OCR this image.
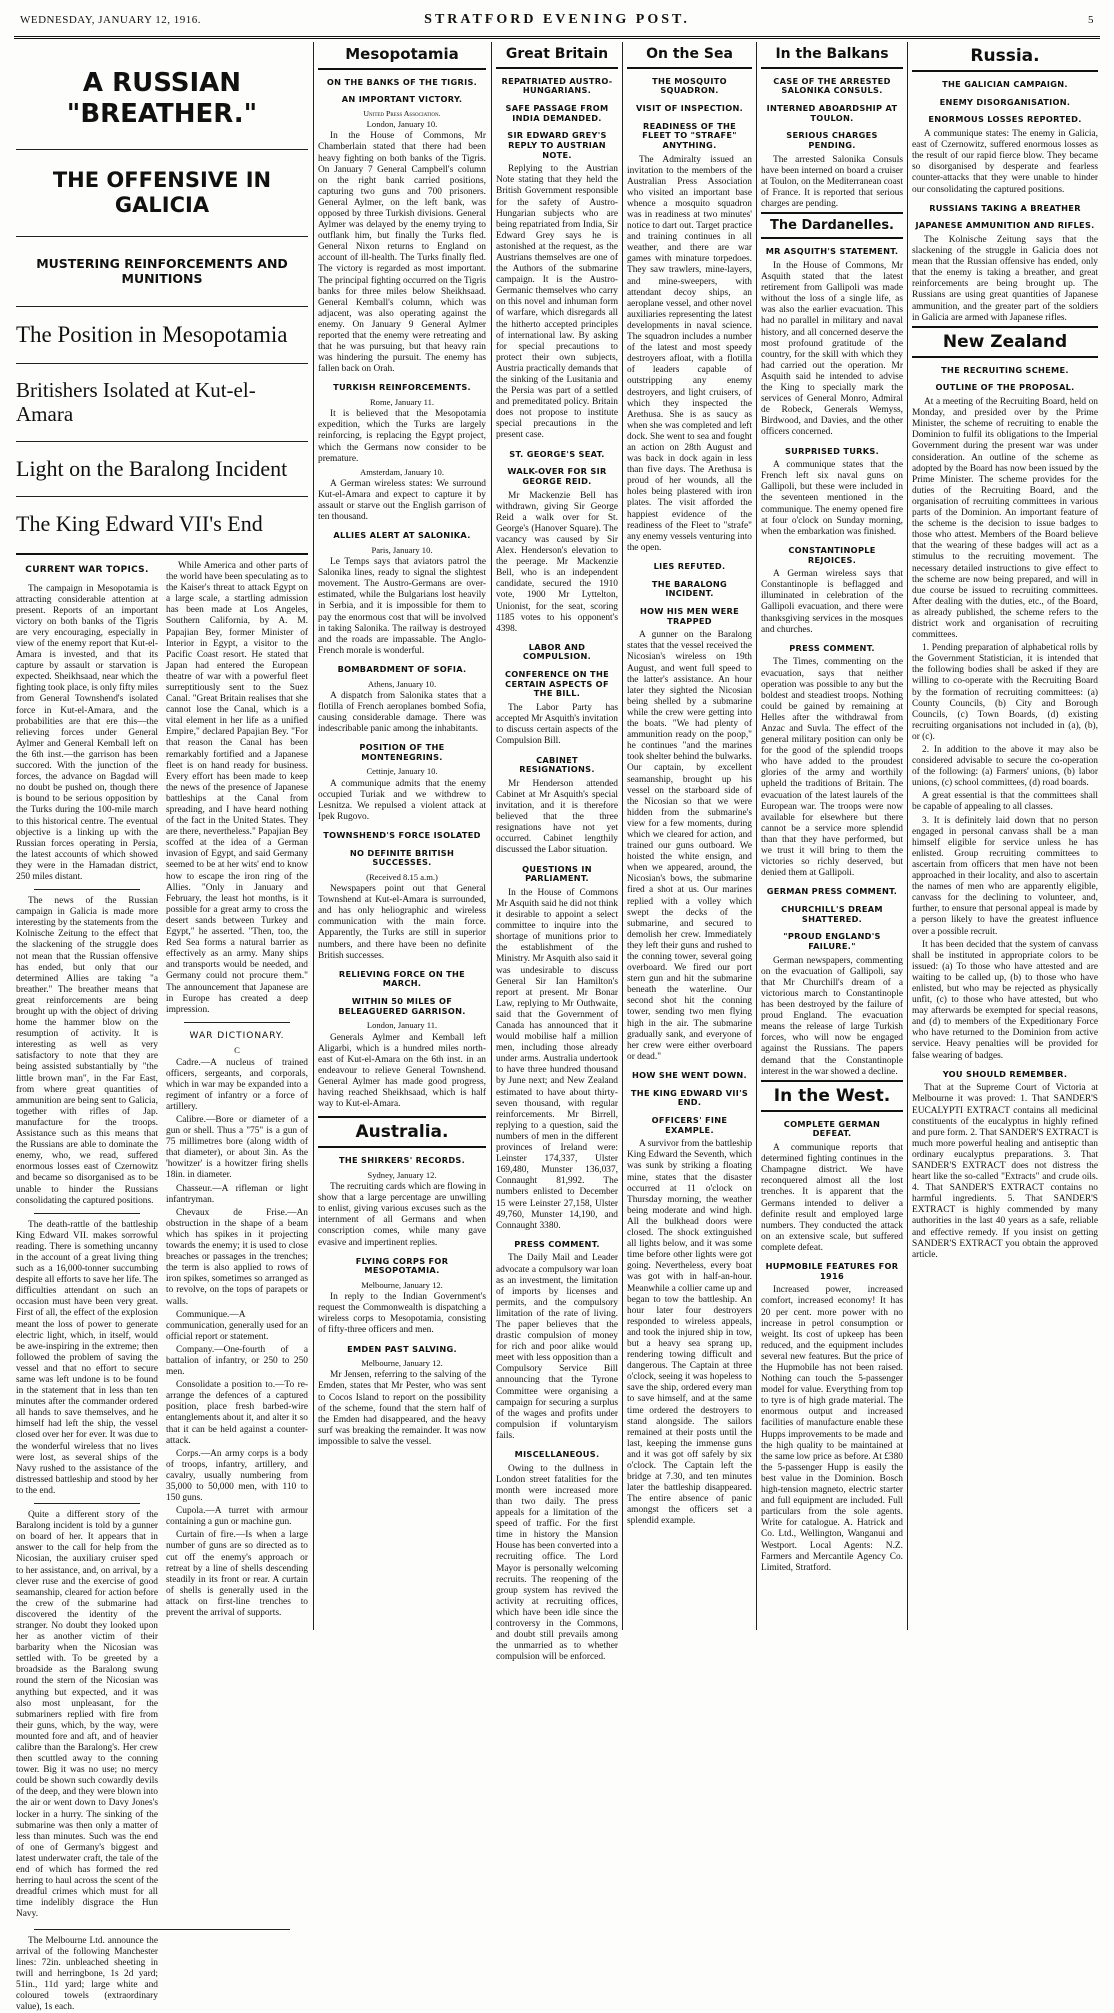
WEDNESDAY, JANUARY 12, 1916.	STRATFORD EVENING POST.	5
A RUSSIAN "BREATHER."
THE OFFENSIVE IN GALICIA
MUSTERING REINFORCEMENTS AND MUNITIONS
The Position in Mesopotamia
Britishers Isolated at Kut-el-Amara
Light on the Baralong Incident
The King Edward VII's End
CURRENT WAR TOPICS.

The campaign in Mesopotamia is attracting considerable attention at present. Reports of an important victory on both banks of the Tigris are very encouraging, especially in view of the enemy report that Kut-el-Amara is invested, and that its capture by assault or starvation is expected. Sheikhsaad, near which the fighting took place, is only fifty miles from General Townshend's isolated force in Kut-el-Amara, and the probabilities are that ere this—the relieving forces under General Aylmer and General Kemball left on the 6th inst.—the garrison has been succored. With the junction of the forces, the advance on Bagdad will no doubt be pushed on, though there is bound to be serious opposition by the Turks during the 100-mile march to this historical centre. The eventual objective is a linking up with the Russian forces operating in Persia, the latest accounts of which showed they were in the Hamadan district, 250 miles distant.

The news of the Russian campaign in Galicia is made more interesting by the statements from the Kolnische Zeitung to the effect that the slackening of the struggle does not mean that the Russian offensive has ended, but only that our determined Allies are taking "a breather." The breather means that great reinforcements are being brought up with the object of driving home the hammer blow on the resumption of activity. It is interesting as well as very satisfactory to note that they are being assisted substantially by "the little brown man", in the Far East, from where great quantities of ammunition are being sent to Galicia, together with rifles of Jap. manufacture for the troops. Assistance such as this means that the Russians are able to dominate the enemy, who, we read, suffered enormous losses east of Czernowitz and became so disorganised as to be unable to hinder the Russians consolidating the captured positions.

The death-rattle of the battleship King Edward VII. makes sorrowful reading. There is something uncanny in the account of a great living thing such as a 16,000-tonner succumbing despite all efforts to save her life. The difficulties attendant on such an occasion must have been very great. First of all, the effect of the explosion meant the loss of power to generate electric light, which, in itself, would be awe-inspiring in the extreme; then followed the problem of saving the vessel and that no effort to secure same was left undone is to be found in the statement that in less than ten minutes after the commander ordered all hands to save themselves, and he himself had left the ship, the vessel closed over her for ever. It was due to the wonderful wireless that no lives were lost, as several ships of the Navy rushed to the assistance of the distressed battleship and stood by her to the end.

Quite a different story of the Baralong incident is told by a gunner on board of her. It appears that in answer to the call for help from the Nicosian, the auxiliary cruiser sped to her assistance, and, on arrival, by a clever ruse and the exercise of good seamanship, cleared for action before the crew of the submarine had discovered the identity of the stranger. No doubt they looked upon her as another victim of their barbarity when the Nicosian was settled with. To be greeted by a broadside as the Baralong swung round the stern of the Nicosian was anything but expected, and it was also most unpleasant, for the submariners replied with fire from their guns, which, by the way, were mounted fore and aft, and of heavier calibre than the Baralong's. Her crew then scuttled away to the conning tower. Big it was no use; no mercy could be shown such cowardly devils of the deep, and they were blown into the air or went down to Davy Jones's locker in a hurry. The sinking of the submarine was then only a matter of less than minutes. Such was the end of one of Germany's biggest and latest underwater craft, the tale of the end of which has formed the red herring to haul across the scent of the dreadful crimes which must for all time indelibly disgrace the Hun Navy.

While America and other parts of the world have been speculating as to the Kaiser's threat to attack Egypt on a large scale, a startling admission has been made at Los Angeles, Southern California, by A. M. Papajian Bey, former Minister of Interior in Egypt, a visitor to the Pacific Coast resort. He stated that Japan had entered the European theatre of war with a powerful fleet surreptitiously sent to the Suez Canal. "Great Britain realises that she cannot lose the Canal, which is a vital element in her life as a unified Empire," declared Papajian Bey. "For that reason the Canal has been remarkably fortified and a Japanese fleet is on hand ready for business. Every effort has been made to keep the news of the presence of Japanese battleships at the Canal from spreading, and I have heard nothing of the fact in the United States. They are there, nevertheless." Papajian Bey scoffed at the idea of a German invasion of Egypt, and said Germany seemed to be at her wits' end to know how to escape the iron ring of the Allies. "Only in January and February, the least hot months, is it possible for a great army to cross the desert sands between Turkey and Egypt," he asserted. "Then, too, the Red Sea forms a natural barrier as effectively as an army. Many ships and transports would be needed, and Germany could not procure them." The announcement that Japanese are in Europe has created a deep impression.

WAR DICTIONARY.
C

Cadre.—A nucleus of trained officers, sergeants, and corporals, which in war may be expanded into a regiment of infantry or a force of artillery.

Calibre.—Bore or diameter of a gun or shell. Thus a "75" is a gun of 75 millimetres bore (along width of that diameter), or about 3in. As the 'howitzer' is a howitzer firing shells 18in. in diameter.

Chasseur.—A rifleman or light infantryman.

Chevaux de Frise.—An obstruction in the shape of a beam which has spikes in it projecting towards the enemy; it is used to close breaches or passages in the trenches; the term is also applied to rows of iron spikes, sometimes so arranged as to revolve, on the tops of parapets or walls.

Communique.—A communication, generally used for an official report or statement.

Company.—One-fourth of a battalion of infantry, or 250 to 250 men.

Consolidate a position to.—To re-arrange the defences of a captured position, place fresh barbed-wire entanglements about it, and alter it so that it can be held against a counter-attack.

Corps.—An army corps is a body of troops, infantry, artillery, and cavalry, usually numbering from 35,000 to 50,000 men, with 110 to 150 guns.

Cupola.—A turret with armour containing a gun or machine gun.

Curtain of fire.—Is when a large number of guns are so directed as to cut off the enemy's approach or retreat by a line of shells descending steadily in its front or rear. A curtain of shells is generally used in the attack on first-line trenches to prevent the arrival of supports.

The Melbourne Ltd. announce the arrival of the following Manchester lines: 72in. unbleached sheeting in twill and herringbone, 1s 2d yard; 51in., 11d yard; large white and coloured towels (extraordinary value), 1s each.

Mesopotamia
ON THE BANKS OF THE TIGRIS.
AN IMPORTANT VICTORY.
United Press Association.
London, January 10.

In the House of Commons, Mr Chamberlain stated that there had been heavy fighting on both banks of the Tigris. On January 7 General Campbell's column on the right bank carried positions, capturing two guns and 700 prisoners. General Aylmer, on the left bank, was opposed by three Turkish divisions. General Aylmer was delayed by the enemy trying to outflank him, but finally the Turks fled. General Nixon returns to England on account of ill-health. The Turks finally fled. The victory is regarded as most important. The principal fighting occurred on the Tigris banks for three miles below Sheikhsaad. General Kemball's column, which was adjacent, was also operating against the enemy. On January 9 General Aylmer reported that the enemy were retreating and that he was pursuing, but that heavy rain was hindering the pursuit. The enemy has fallen back on Orah.

TURKISH REINFORCEMENTS.
Rome, January 11.

It is believed that the Mesopotamia expedition, which the Turks are largely reinforcing, is replacing the Egypt project, which the Germans now consider to be premature.

Amsterdam, January 10.

A German wireless states: We surround Kut-el-Amara and expect to capture it by assault or starve out the English garrison of ten thousand.

ALLIES ALERT AT SALONIKA.
Paris, January 10.

Le Temps says that aviators patrol the Salonika lines, ready to signal the slightest movement. The Austro-Germans are over-estimated, while the Bulgarians lost heavily in Serbia, and it is impossible for them to pay the enormous cost that will be involved in taking Salonika. The railway is destroyed and the roads are impassable. The Anglo-French morale is wonderful.

BOMBARDMENT OF SOFIA.
Athens, January 10.

A dispatch from Salonika states that a flotilla of French aeroplanes bombed Sofia, causing considerable damage. There was indescribable panic among the inhabitants.

POSITION OF THE MONTENEGRINS.
Cettinje, January 10.

A communique admits that the enemy occupied Turiak and we withdrew to Lesnitza. We repulsed a violent attack at Ipek Rugovo.

TOWNSHEND'S FORCE ISOLATED
NO DEFINITE BRITISH SUCCESSES.
(Received 8.15 a.m.)

Newspapers point out that General Townshend at Kut-el-Amara is surrounded, and has only heliographic and wireless communication with the main force. Apparently, the Turks are still in superior numbers, and there have been no definite British successes.

RELIEVING FORCE ON THE MARCH.
WITHIN 50 MILES OF BELEAGUERED GARRISON.
London, January 11.

Generals Aylmer and Kemball left Aligarbi, which is a hundred miles north-east of Kut-el-Amara on the 6th inst. in an endeavour to relieve General Townshend. General Aylmer has made good progress, having reached Sheikhsaad, which is half way to Kut-el-Amara.

Australia.
THE SHIRKERS' RECORDS.
Sydney, January 12.

The recruiting cards which are flowing in show that a large percentage are unwilling to enlist, giving various excuses such as the internment of all Germans and when conscription comes, while many gave evasive and impertinent replies.

FLYING CORPS FOR MESOPOTAMIA.
Melbourne, January 12.

In reply to the Indian Government's request the Commonwealth is dispatching a wireless corps to Mesopotamia, consisting of fifty-three officers and men.

EMDEN PAST SALVING.
Melbourne, January 12.

Mr Jensen, referring to the salving of the Emden, states that Mr Pester, who was sent to Cocos Island to report on the possibility of the scheme, found that the stern half of the Emden had disappeared, and the heavy surf was breaking the remainder. It was now impossible to salve the vessel.

Great Britain
REPATRIATED AUSTRO-HUNGARIANS.
SAFE PASSAGE FROM INDIA DEMANDED.
SIR EDWARD GREY'S REPLY TO AUSTRIAN NOTE.

Replying to the Austrian Note stating that they held the British Government responsible for the safety of Austro-Hungarian subjects who are being repatriated from India, Sir Edward Grey says he is astonished at the request, as the Austrians themselves are one of the Authors of the submarine campaign. It is the Austro-Germanic themselves who carry on this novel and inhuman form of warfare, which disregards all the hitherto accepted principles of international law. By asking for special precautions to protect their own subjects, Austria practically demands that the sinking of the Lusitania and the Persia was part of a settled and premeditated policy. Britain does not propose to institute special precautions in the present case.

ST. GEORGE'S SEAT.
WALK-OVER FOR SIR GEORGE REID.

Mr Mackenzie Bell has withdrawn, giving Sir George Reid a walk over for St. George's (Hanover Square). The vacancy was caused by Sir Alex. Henderson's elevation to the peerage. Mr Mackenzie Bell, who is an independent candidate, secured the 1910 vote, 1900 Mr Lyttelton, Unionist, for the seat, scoring 1185 votes to his opponent's 4398.

LABOR AND COMPULSION.
CONFERENCE ON THE CERTAIN ASPECTS OF THE BILL.

The Labor Party has accepted Mr Asquith's invitation to discuss certain aspects of the Compulsion Bill.

CABINET RESIGNATIONS.

Mr Henderson attended Cabinet at Mr Asquith's special invitation, and it is therefore believed that the three resignations have not yet occurred. Cabinet lengthily discussed the Labor situation.

QUESTIONS IN PARLIAMENT.

In the House of Commons Mr Asquith said he did not think it desirable to appoint a select committee to inquire into the shortage of munitions prior to the establishment of the Ministry. Mr Asquith also said it was undesirable to discuss General Sir Ian Hamilton's report at present. Mr Bonar Law, replying to Mr Outhwaite, said that the Government of Canada has announced that it would mobilise half a million men, including those already under arms. Australia undertook to have three hundred thousand by June next; and New Zealand estimated to have about thirty-seven thousand, with regular reinforcements. Mr Birrell, replying to a question, said the numbers of men in the different provinces of Ireland were: Leinster 174,337, Ulster 169,480, Munster 136,037, Connaught 81,992. The numbers enlisted to December 15 were Leinster 27,158, Ulster 49,760, Munster 14,190, and Connaught 3380.

PRESS COMMENT.

The Daily Mail and Leader advocate a compulsory war loan as an investment, the limitation of imports by licenses and permits, and the compulsory limitation of the rate of living. The paper believes that the drastic compulsion of money for rich and poor alike would meet with less opposition than a Compulsory Service Bill announcing that the Tyrone Committee were organising a campaign for securing a surplus of the wages and profits under compulsion if voluntaryism fails.

MISCELLANEOUS.

Owing to the dullness in London street fatalities for the month were increased more than two daily. The press appeals for a limitation of the speed of traffic. For the first time in history the Mansion House has been converted into a recruiting office. The Lord Mayor is personally welcoming recruits. The reopening of the group system has revived the activity at recruiting offices, which have been idle since the controversy in the Commons, and doubt still prevails among the unmarried as to whether compulsion will be enforced.

On the Sea
THE MOSQUITO SQUADRON.
VISIT OF INSPECTION.
READINESS OF THE FLEET TO "STRAFE" ANYTHING.

The Admiralty issued an invitation to the members of the Australian Press Association who visited an important base whence a mosquito squadron was in readiness at two minutes' notice to dart out. Target practice and training continues in all weather, and there are war games with minature torpedoes. They saw trawlers, mine-layers, and mine-sweepers, with attendant decoy ships, an aeroplane vessel, and other novel auxiliaries representing the latest developments in naval science. The squadron includes a number of the latest and most speedy destroyers afloat, with a flotilla of leaders capable of outstripping any enemy destroyers, and light cruisers, of which they inspected the Arethusa. She is as saucy as when she was completed and left dock. She went to sea and fought an action on 28th August and was back in dock again in less than five days. The Arethusa is proud of her wounds, all the holes being plastered with iron plates. The visit afforded the happiest evidence of the readiness of the Fleet to "strafe" any enemy vessels venturing into the open.

LIES REFUTED.
THE BARALONG INCIDENT.
HOW HIS MEN WERE TRAPPED

A gunner on the Baralong states that the vessel received the Nicosian's wireless on 19th August, and went full speed to the latter's assistance. An hour later they sighted the Nicosian being shelled by a submarine while the crew were getting into the boats. "We had plenty of ammunition ready on the poop," he continues "and the marines took shelter behind the bulwarks. Our captain, by excellent seamanship, brought up his vessel on the starboard side of the Nicosian so that we were hidden from the submarine's view for a few moments, during which we cleared for action, and trained our guns outboard. We hoisted the white ensign, and when we appeared, around, the Nicosian's bows, the submarine fired a shot at us. Our marines replied with a volley which swept the decks of the submarine, and secured to demolish her crew. Immediately they left their guns and rushed to the conning tower, several going overboard. We fired our port stern gun and hit the submarine beneath the waterline. Our second shot hit the conning tower, sending two men flying high in the air. The submarine gradually sank, and everyone of her crew were either overboard or dead."

HOW SHE WENT DOWN.
THE KING EDWARD VII'S END.
OFFICERS' FINE EXAMPLE.

A survivor from the battleship King Edward the Seventh, which was sunk by striking a floating mine, states that the disaster occurred at 11 o'clock on Thursday morning, the weather being moderate and wind high. All the bulkhead doors were closed. The shock extinguished all lights below, and it was some time before other lights were got going. Nevertheless, every boat was got with in half-an-hour. Meanwhile a collier came up and began to tow the battleship. An hour later four destroyers responded to wireless appeals, and took the injured ship in tow, but a heavy sea sprang up, rendering towing difficult and dangerous. The Captain at three o'clock, seeing it was hopeless to save the ship, ordered every man to save himself, and at the same time ordered the destroyers to stand alongside. The sailors remained at their posts until the last, keeping the immense guns and it was got off safely by six o'clock. The Captain left the bridge at 7.30, and ten minutes later the battleship disappeared. The entire absence of panic amongst the officers set a splendid example.

In the Balkans
CASE OF THE ARRESTED SALONIKA CONSULS.
INTERNED ABOARDSHIP AT TOULON.
SERIOUS CHARGES PENDING.

The arrested Salonika Consuls have been interned on board a cruiser at Toulon, on the Mediterranean coast of France. It is reported that serious charges are pending.

The Dardanelles.
MR ASQUITH'S STATEMENT.

In the House of Commons, Mr Asquith stated that the latest retirement from Gallipoli was made without the loss of a single life, as was also the earlier evacuation. This had no parallel in military and naval history, and all concerned deserve the most profound gratitude of the country, for the skill with which they had carried out the operation. Mr Asquith said he intended to advise the King to specially mark the services of General Monro, Admiral de Robeck, Generals Wemyss, Birdwood, and Davies, and the other officers concerned.

SURPRISED TURKS.

A communique states that the French left six naval guns on Gallipoli, but these were included in the seventeen mentioned in the communique. The enemy opened fire at four o'clock on Sunday morning, when the embarkation was finished.

CONSTANTINOPLE REJOICES.

A German wireless says that Constantinople is beflagged and illuminated in celebration of the Gallipoli evacuation, and there were thanksgiving services in the mosques and churches.

PRESS COMMENT.

The Times, commenting on the evacuation, says that neither operation was possible to any but the boldest and steadiest troops. Nothing could be gained by remaining at Helles after the withdrawal from Anzac and Suvla. The effect of the general military position can only be for the good of the splendid troops who have added to the proudest glories of the army and worthily upheld the traditions of Britain. The evacuation of the latest laurels of the European war. The troops were now available for elsewhere but there cannot be a service more splendid than that they have performed, but we trust it will bring to them the victories so richly deserved, but denied them at Gallipoli.

GERMAN PRESS COMMENT.
CHURCHILL'S DREAM SHATTERED.
"PROUD ENGLAND'S FAILURE."

German newspapers, commenting on the evacuation of Gallipoli, say that Mr Churchill's dream of a victorious march to Constantinople has been destroyed by the failure of proud England. The evacuation means the release of large Turkish forces, who will now be engaged against the Russians. The papers demand that the Constantinople interest in the war showed a decline.

In the West.
COMPLETE GERMAN DEFEAT.

A communique reports that determined fighting continues in the Champagne district. We have reconquered almost all the lost trenches. It is apparent that the Germans intended to deliver a definite result and employed large numbers. They conducted the attack on an extensive scale, but suffered complete defeat.

HUPMOBILE FEATURES FOR 1916

Increased power, increased comfort, increased economy! It has 20 per cent. more power with no increase in petrol consumption or weight. Its cost of upkeep has been reduced, and the equipment includes several new features. But the price of the Hupmobile has not been raised. Nothing can touch the 5-passenger model for value. Everything from top to tyre is of high grade material. The enormous output and increased facilities of manufacture enable these Hupps improvements to be made and the high quality to be maintained at the same low price as before. At £380 the 5-passenger Hupp is easily the best value in the Dominion. Bosch high-tension magneto, electric starter and full equipment are included. Full particulars from the sole agents. Write for catalogue. A. Hatrick and Co. Ltd., Wellington, Wanganui and Westport. Local Agents: N.Z. Farmers and Mercantile Agency Co. Limited, Stratford.

Russia.
THE GALICIAN CAMPAIGN.
ENEMY DISORGANISATION.
ENORMOUS LOSSES REPORTED.

A communique states: The enemy in Galicia, east of Czernowitz, suffered enormous losses as the result of our rapid fierce blow. They became so disorganised by desperate and fearless counter-attacks that they were unable to hinder our consolidating the captured positions.

RUSSIANS TAKING A BREATHER
JAPANESE AMMUNITION AND RIFLES.

The Kolnische Zeitung says that the slackening of the struggle in Galicia does not mean that the Russian offensive has ended, only that the enemy is taking a breather, and great reinforcements are being brought up. The Russians are using great quantities of Japanese ammunition, and the greater part of the soldiers in Galicia are armed with Japanese rifles.

New Zealand
THE RECRUITING SCHEME.
OUTLINE OF THE PROPOSAL.

At a meeting of the Recruiting Board, held on Monday, and presided over by the Prime Minister, the scheme of recruiting to enable the Dominion to fulfil its obligations to the Imperial Government during the present war was under consideration. An outline of the scheme as adopted by the Board has now been issued by the Prime Minister. The scheme provides for the duties of the Recruiting Board, and the organisation of recruiting committees in various parts of the Dominion. An important feature of the scheme is the decision to issue badges to those who attest. Members of the Board believe that the wearing of these badges will act as a stimulus to the recruiting movement. The necessary detailed instructions to give effect to the scheme are now being prepared, and will in due course be issued to recruiting committees. After dealing with the duties, etc., of the Board, as already published, the scheme refers to the district work and organisation of recruiting committees.

1. Pending preparation of alphabetical rolls by the Government Statistician, it is intended that the following bodies shall be asked if they are willing to co-operate with the Recruiting Board by the formation of recruiting committees: (a) County Councils, (b) City and Borough Councils, (c) Town Boards, (d) existing recruiting organisations not included in (a), (b), or (c).

2. In addition to the above it may also be considered advisable to secure the co-operation of the following: (a) Farmers' unions, (b) labor unions, (c) school committees, (d) road boards.

A great essential is that the committees shall be capable of appealing to all classes.

3. It is definitely laid down that no person engaged in personal canvass shall be a man himself eligible for service unless he has enlisted. Group recruiting committees to ascertain from officers that men have not been approached in their locality, and also to ascertain the names of men who are apparently eligible, canvass for the declining to volunteer, and, further, to ensure that personal appeal is made by a person likely to have the greatest influence over a possible recruit.

It has been decided that the system of canvass shall be instituted in appropriate colors to be issued: (a) To those who have attested and are waiting to be called up, (b) to those who have enlisted, but who may be rejected as physically unfit, (c) to those who have attested, but who may afterwards be exempted for special reasons, and (d) to members of the Expeditionary Force who have returned to the Dominion from active service. Heavy penalties will be provided for false wearing of badges.

YOU SHOULD REMEMBER.

That at the Supreme Court of Victoria at Melbourne it was proved: 1. That SANDER'S EUCALYPTI EXTRACT contains all medicinal constituents of the eucalyptus in highly refined and pure form. 2. That SANDER'S EXTRACT is much more powerful healing and antiseptic than ordinary eucalyptus preparations. 3. That SANDER'S EXTRACT does not distress the heart like the so-called "Extracts" and crude oils. 4. That SANDER'S EXTRACT contains no harmful ingredients. 5. That SANDER'S EXTRACT is highly commended by many authorities in the last 40 years as a safe, reliable and effective remedy. If you insist on getting SANDER'S EXTRACT you obtain the approved article.
